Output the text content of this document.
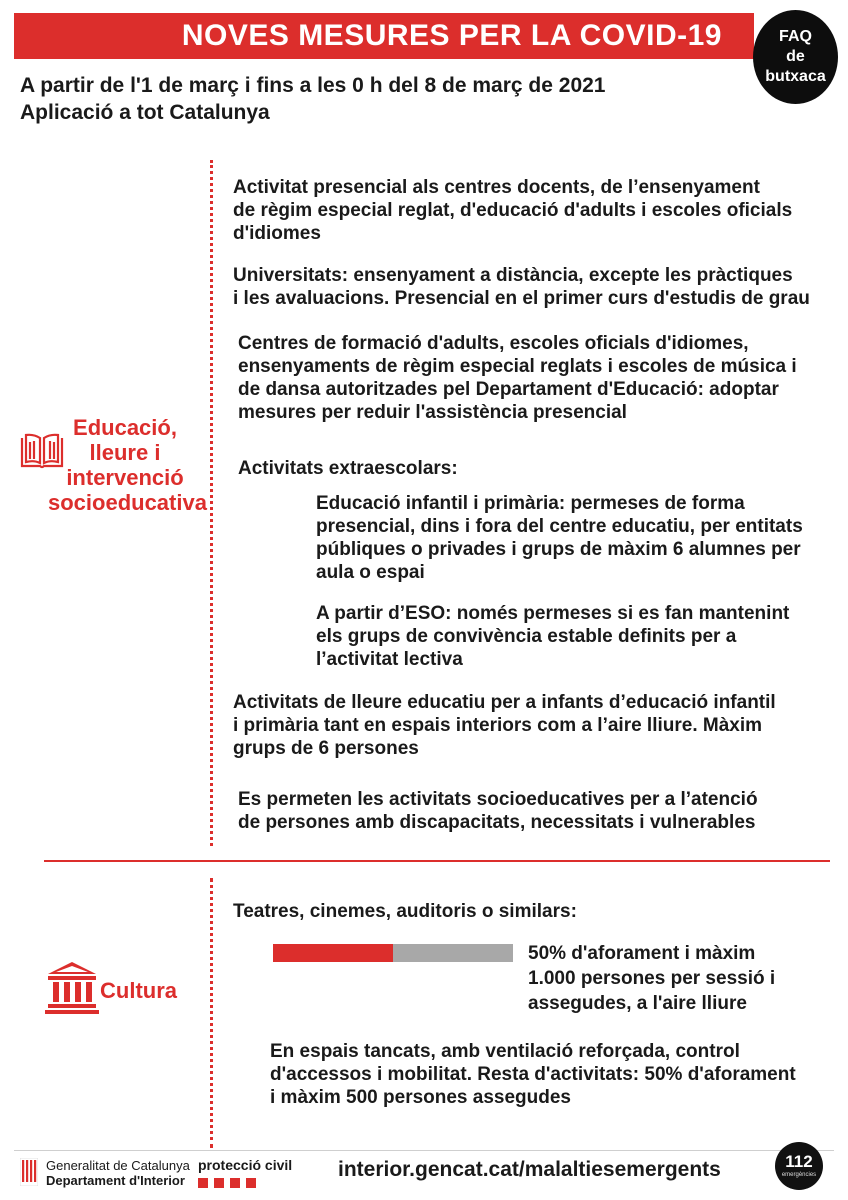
NOVES MESURES PER LA COVID-19	FAQ
de
butxaca
A partir de l'1 de març i fins a les 0 h del 8 de març de 2021
Aplicació a tot Catalunya
Educació,
lleure i
intervenció
socioeducativa
Activitat presencial als centres docents, de l’ensenyament
de règim especial reglat, d'educació d'adults i escoles oficials
d'idiomes
Universitats: ensenyament a distància, excepte les pràctiques
i les avaluacions. Presencial en el primer curs d'estudis de grau
Centres de formació d'adults, escoles oficials d'idiomes,
ensenyaments de règim especial reglats i escoles de música i
de dansa autoritzades pel Departament d'Educació: adoptar
mesures per reduir l'assistència presencial
Activitats extraescolars:
Educació infantil i primària: permeses de forma
presencial, dins i fora del centre educatiu, per entitats
públiques o privades i grups de màxim 6 alumnes per
aula o espai
A partir d’ESO: només permeses si es fan mantenint
els grups de convivència estable definits per a
l’activitat lectiva
Activitats de lleure educatiu per a infants d’educació infantil
i primària tant en espais interiors com a l’aire lliure. Màxim
grups de 6 persones
Es permeten les activitats socioeducatives per a l’atenció
de persones amb discapacitats, necessitats i vulnerables
Cultura
Teatres, cinemes, auditoris o similars:
50% d'aforament i màxim
1.000 persones per sessió i
assegudes, a l'aire lliure
En espais tancats, amb ventilació reforçada, control
d'accessos i mobilitat. Resta d'activitats: 50% d'aforament
i màxim 500 persones assegudes
Generalitat de Catalunya
Departament d'Interior
protecció civil interior.gencat.cat/malaltiesemergents	112
emergències
